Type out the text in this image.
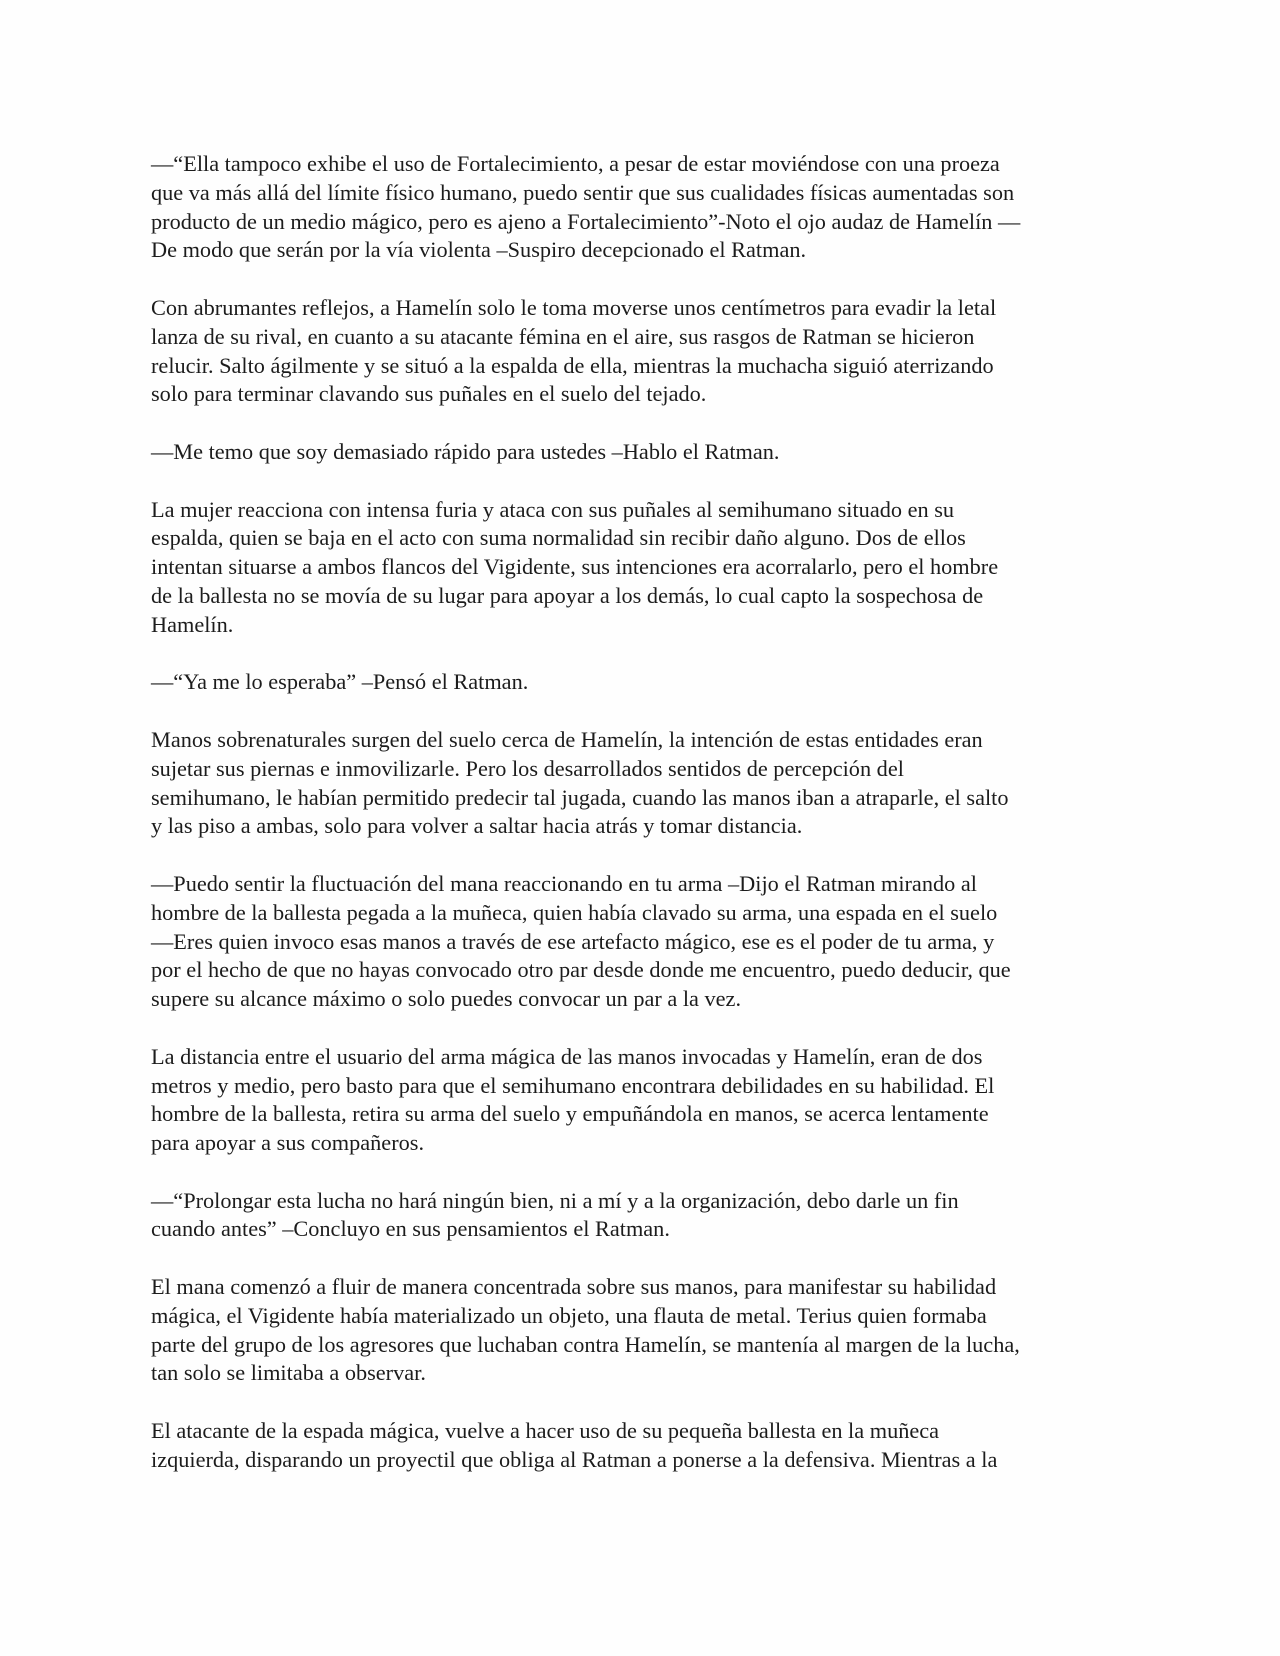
—“Ella tampoco exhibe el uso de Fortalecimiento, a pesar de estar moviéndose con una proeza
que va más allá del límite físico humano, puedo sentir que sus cualidades físicas aumentadas son
producto de un medio mágico, pero es ajeno a Fortalecimiento”-Noto el ojo audaz de Hamelín —
De modo que serán por la vía violenta –Suspiro decepcionado el Ratman.

Con abrumantes reflejos, a Hamelín solo le toma moverse unos centímetros para evadir la letal
lanza de su rival, en cuanto a su atacante fémina en el aire, sus rasgos de Ratman se hicieron
relucir. Salto ágilmente y se situó a la espalda de ella, mientras la muchacha siguió aterrizando
solo para terminar clavando sus puñales en el suelo del tejado.

—Me temo que soy demasiado rápido para ustedes –Hablo el Ratman.

La mujer reacciona con intensa furia y ataca con sus puñales al semihumano situado en su
espalda, quien se baja en el acto con suma normalidad sin recibir daño alguno. Dos de ellos
intentan situarse a ambos flancos del Vigidente, sus intenciones era acorralarlo, pero el hombre
de la ballesta no se movía de su lugar para apoyar a los demás, lo cual capto la sospechosa de
Hamelín.

—“Ya me lo esperaba” –Pensó el Ratman.

Manos sobrenaturales surgen del suelo cerca de Hamelín, la intención de estas entidades eran
sujetar sus piernas e inmovilizarle. Pero los desarrollados sentidos de percepción del
semihumano, le habían permitido predecir tal jugada, cuando las manos iban a atraparle, el salto
y las piso a ambas, solo para volver a saltar hacia atrás y tomar distancia.

—Puedo sentir la fluctuación del mana reaccionando en tu arma –Dijo el Ratman mirando al
hombre de la ballesta pegada a la muñeca, quien había clavado su arma, una espada en el suelo
—Eres quien invoco esas manos a través de ese artefacto mágico, ese es el poder de tu arma, y
por el hecho de que no hayas convocado otro par desde donde me encuentro, puedo deducir, que
supere su alcance máximo o solo puedes convocar un par a la vez.

La distancia entre el usuario del arma mágica de las manos invocadas y Hamelín, eran de dos
metros y medio, pero basto para que el semihumano encontrara debilidades en su habilidad. El
hombre de la ballesta, retira su arma del suelo y empuñándola en manos, se acerca lentamente
para apoyar a sus compañeros.

—“Prolongar esta lucha no hará ningún bien, ni a mí y a la organización, debo darle un fin
cuando antes” –Concluyo en sus pensamientos el Ratman.

El mana comenzó a fluir de manera concentrada sobre sus manos, para manifestar su habilidad
mágica, el Vigidente había materializado un objeto, una flauta de metal. Terius quien formaba
parte del grupo de los agresores que luchaban contra Hamelín, se mantenía al margen de la lucha,
tan solo se limitaba a observar.

El atacante de la espada mágica, vuelve a hacer uso de su pequeña ballesta en la muñeca
izquierda, disparando un proyectil que obliga al Ratman a ponerse a la defensiva. Mientras a la
